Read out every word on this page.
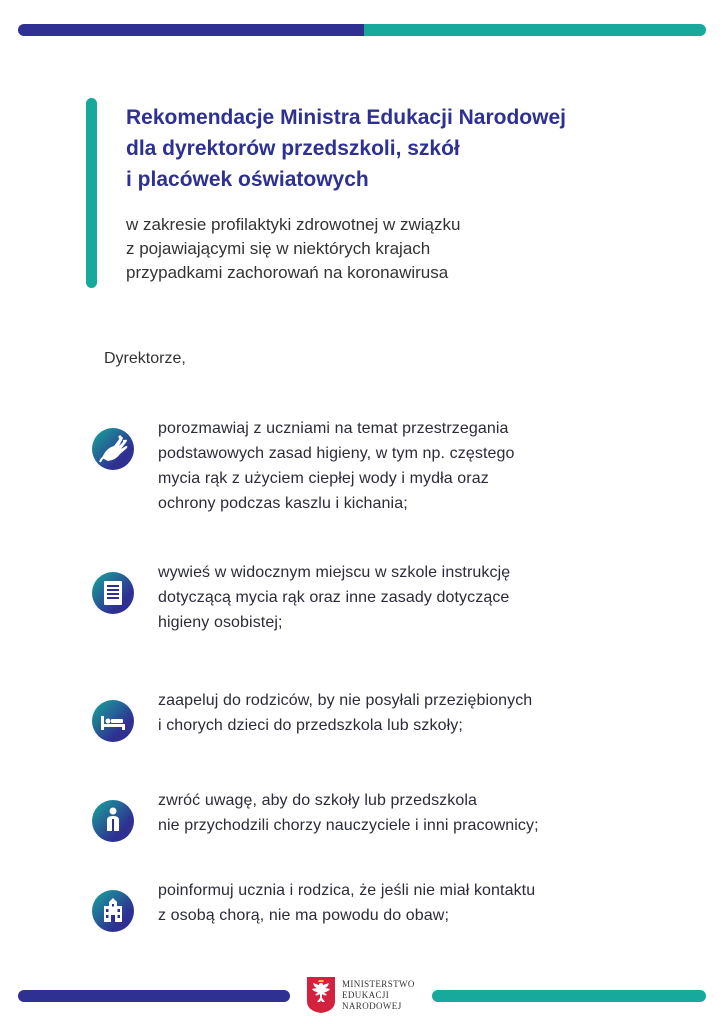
Rekomendacje Ministra Edukacji Narodowej
dla dyrektorów przedszkoli, szkół
i placówek oświatowych

w zakresie profilaktyki zdrowotnej w związku
z pojawiającymi się w niektórych krajach
przypadkami zachorowań na koronawirusa

Dyrektorze,

porozmawiaj z uczniami na temat przestrzegania
podstawowych zasad higieny, w tym np. częstego
mycia rąk z użyciem ciepłej wody i mydła oraz
ochrony podczas kaszlu i kichania;

wywieś w widocznym miejscu w szkole instrukcję
dotyczącą mycia rąk oraz inne zasady dotyczące
higieny osobistej;

zaapeluj do rodziców, by nie posyłali przeziębionych
i chorych dzieci do przedszkola lub szkoły;

zwróć uwagę, aby do szkoły lub przedszkola
nie przychodzili chorzy nauczyciele i inni pracownicy;

poinformuj ucznia i rodzica, że jeśli nie miał kontaktu
z osobą chorą, nie ma powodu do obaw;

MINISTERSTWO
EDUKACJI
NARODOWEJ
